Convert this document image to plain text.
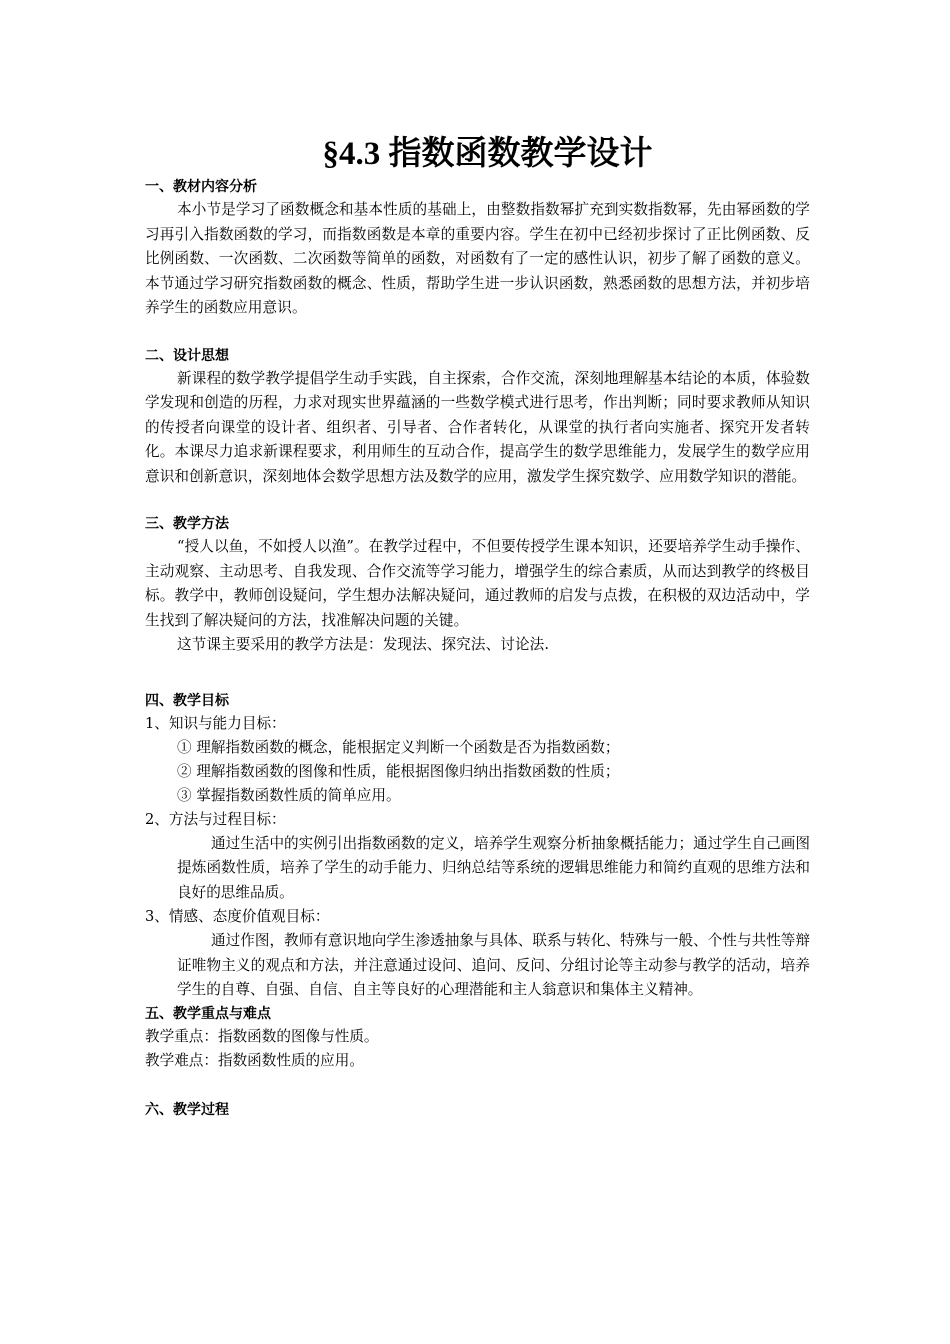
§4.3 指数函数教学设计

一、教材内容分析

本小节是学习了函数概念和基本性质的基础上，由整数指数幂扩充到实数指数幂，先由幂函数的学习再引入指数函数的学习，而指数函数是本章的重要内容。学生在初中已经初步探讨了正比例函数、反比例函数、一次函数、二次函数等简单的函数，对函数有了一定的感性认识，初步了解了函数的意义。本节通过学习研究指数函数的概念、性质，帮助学生进一步认识函数，熟悉函数的思想方法，并初步培养学生的函数应用意识。

二、设计思想

新课程的数学教学提倡学生动手实践，自主探索，合作交流，深刻地理解基本结论的本质，体验数学发现和创造的历程，力求对现实世界蕴涵的一些数学模式进行思考，作出判断；同时要求教师从知识的传授者向课堂的设计者、组织者、引导者、合作者转化，从课堂的执行者向实施者、探究开发者转化。本课尽力追求新课程要求，利用师生的互动合作，提高学生的数学思维能力，发展学生的数学应用意识和创新意识，深刻地体会数学思想方法及数学的应用，激发学生探究数学、应用数学知识的潜能。

三、教学方法

“授人以鱼，不如授人以渔”。在教学过程中，不但要传授学生课本知识，还要培养学生动手操作、主动观察、主动思考、自我发现、合作交流等学习能力，增强学生的综合素质，从而达到教学的终极目标。教学中，教师创设疑问，学生想办法解决疑问，通过教师的启发与点拨，在积极的双边活动中，学生找到了解决疑问的方法，找准解决问题的关键。

这节课主要采用的教学方法是：发现法、探究法、讨论法.

四、教学目标

1、知识与能力目标：

① 理解指数函数的概念，能根据定义判断一个函数是否为指数函数；

② 理解指数函数的图像和性质，能根据图像归纳出指数函数的性质；

③ 掌握指数函数性质的简单应用。

2、方法与过程目标：

通过生活中的实例引出指数函数的定义，培养学生观察分析抽象概括能力；通过学生自己画图提炼函数性质，培养了学生的动手能力、归纳总结等系统的逻辑思维能力和简约直观的思维方法和良好的思维品质。

3、情感、态度价值观目标：

通过作图，教师有意识地向学生渗透抽象与具体、联系与转化、特殊与一般、个性与共性等辩证唯物主义的观点和方法，并注意通过设问、追问、反问、分组讨论等主动参与教学的活动，培养学生的自尊、自强、自信、自主等良好的心理潜能和主人翁意识和集体主义精神。

五、教学重点与难点

教学重点：指数函数的图像与性质。

教学难点：指数函数性质的应用。

六、教学过程
